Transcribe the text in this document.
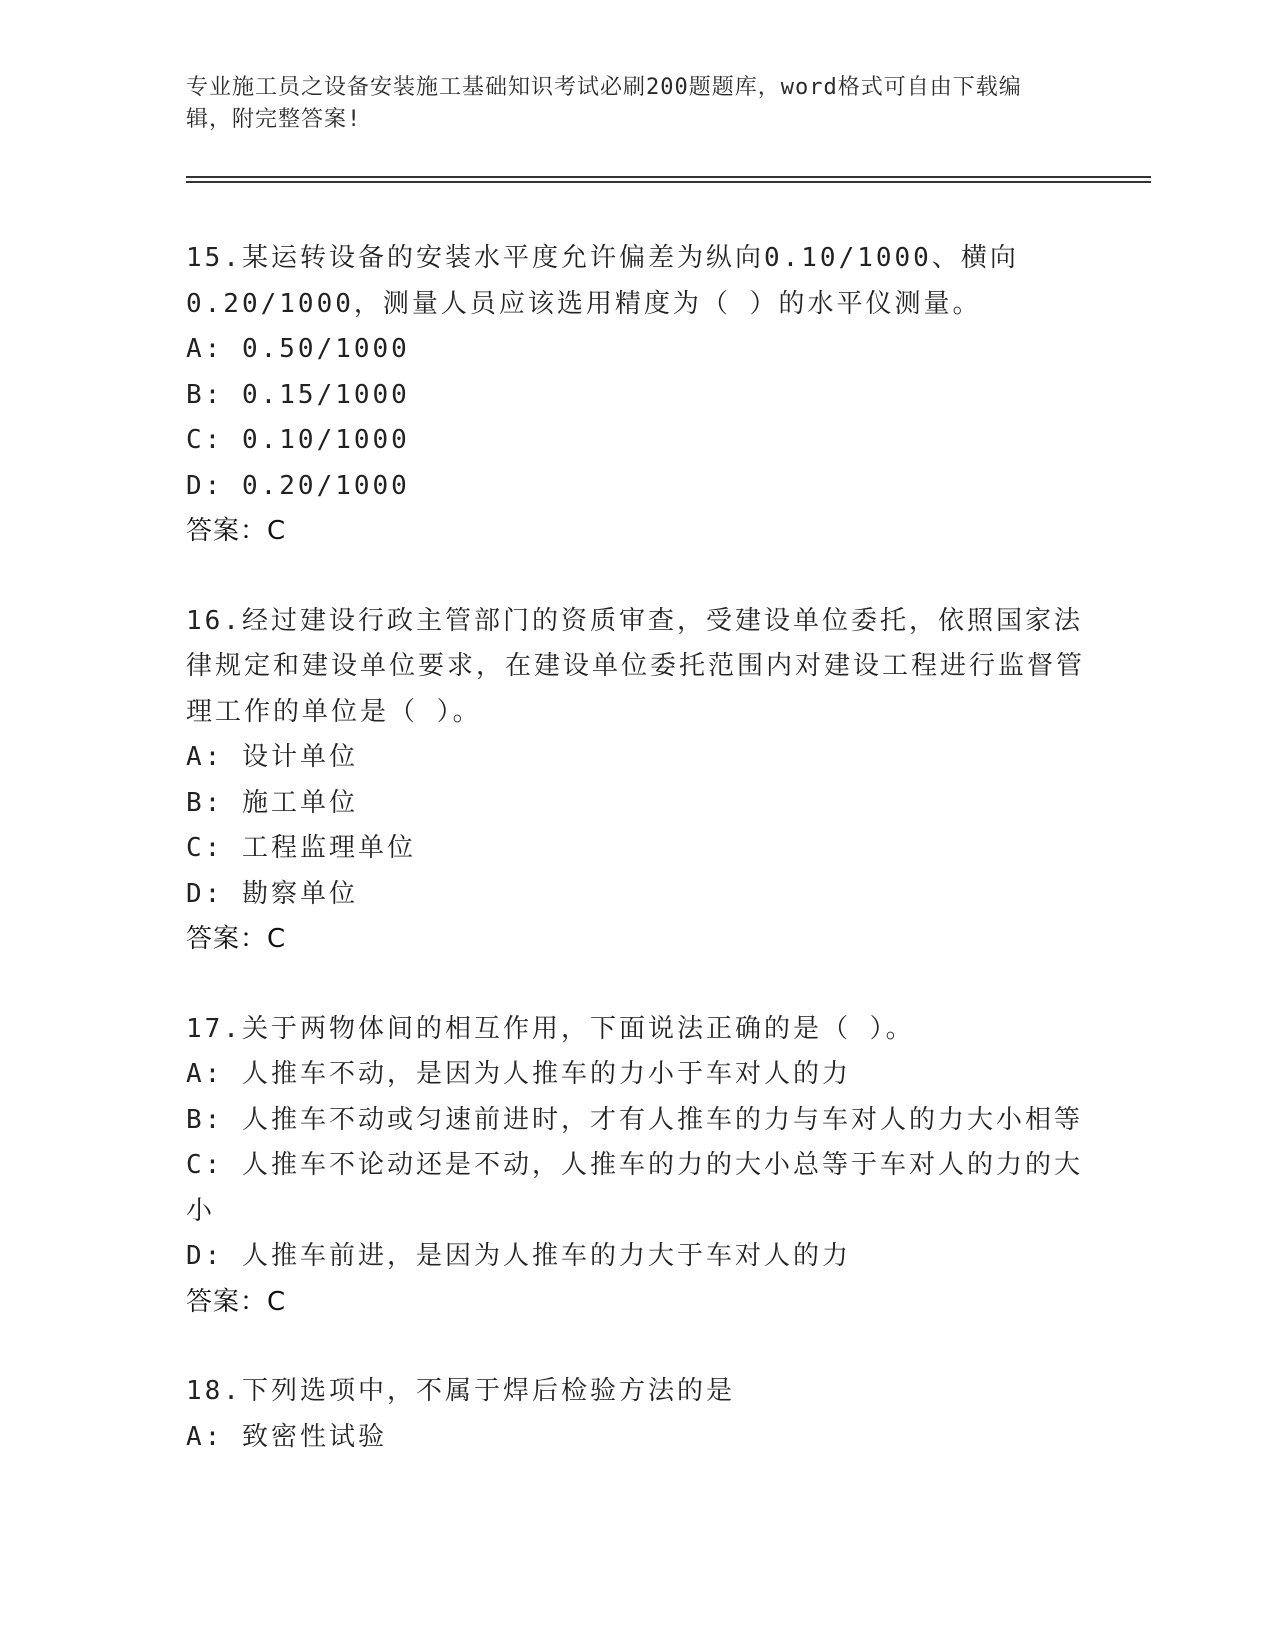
专业施工员之设备安装施工基础知识考试必刷200题题库，word格式可自由下载编辑，附完整答案!
15.某运转设备的安装水平度允许偏差为纵向0.10/1000、横向0.20/1000，测量人员应该选用精度为（ ）的水平仪测量。
A: 0.50/1000
B: 0.15/1000
C: 0.10/1000
D: 0.20/1000
答案：C
16.经过建设行政主管部门的资质审查，受建设单位委托，依照国家法律规定和建设单位要求，在建设单位委托范围内对建设工程进行监督管理工作的单位是（ ）。
A: 设计单位
B: 施工单位
C: 工程监理单位
D: 勘察单位
答案：C
17.关于两物体间的相互作用，下面说法正确的是（ ）。
A: 人推车不动，是因为人推车的力小于车对人的力
B: 人推车不动或匀速前进时，才有人推车的力与车对人的力大小相等
C: 人推车不论动还是不动，人推车的力的大小总等于车对人的力的大小
D: 人推车前进，是因为人推车的力大于车对人的力
答案：C
18.下列选项中，不属于焊后检验方法的是
A: 致密性试验
